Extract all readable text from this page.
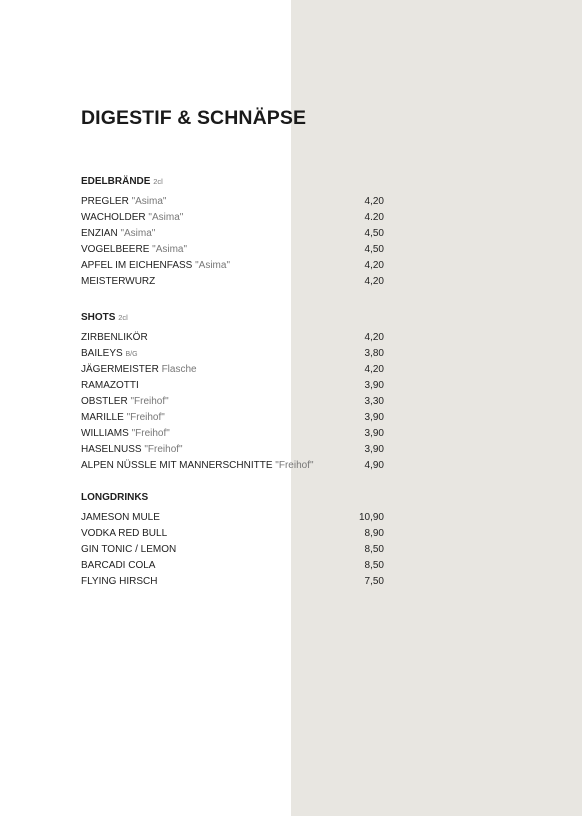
DIGESTIF & SCHNÄPSE
EDELBRÄNDE 2cl
PREGLER "Asima"	4,20
WACHOLDER "Asima"	4.20
ENZIAN "Asima"	4,50
VOGELBEERE "Asima"	4,50
APFEL IM EICHENFASS "Asima"	4,20
MEISTERWURZ	4,20
SHOTS 2cl
ZIRBENLIKÖR	4,20
BAILEYS B/G	3,80
JÄGERMEISTER Flasche	4,20
RAMAZOTTI	3,90
OBSTLER "Freihof"	3,30
MARILLE "Freihof"	3,90
WILLIAMS "Freihof"	3,90
HASELNUSS "Freihof"	3,90
ALPEN NÜSSLE MIT MANNERSCHNITTE "Freihof"	4,90
LONGDRINKS
JAMESON MULE	10,90
VODKA RED BULL	8,90
GIN TONIC / LEMON	8,50
BARCADI COLA	8,50
FLYING HIRSCH	7,50
